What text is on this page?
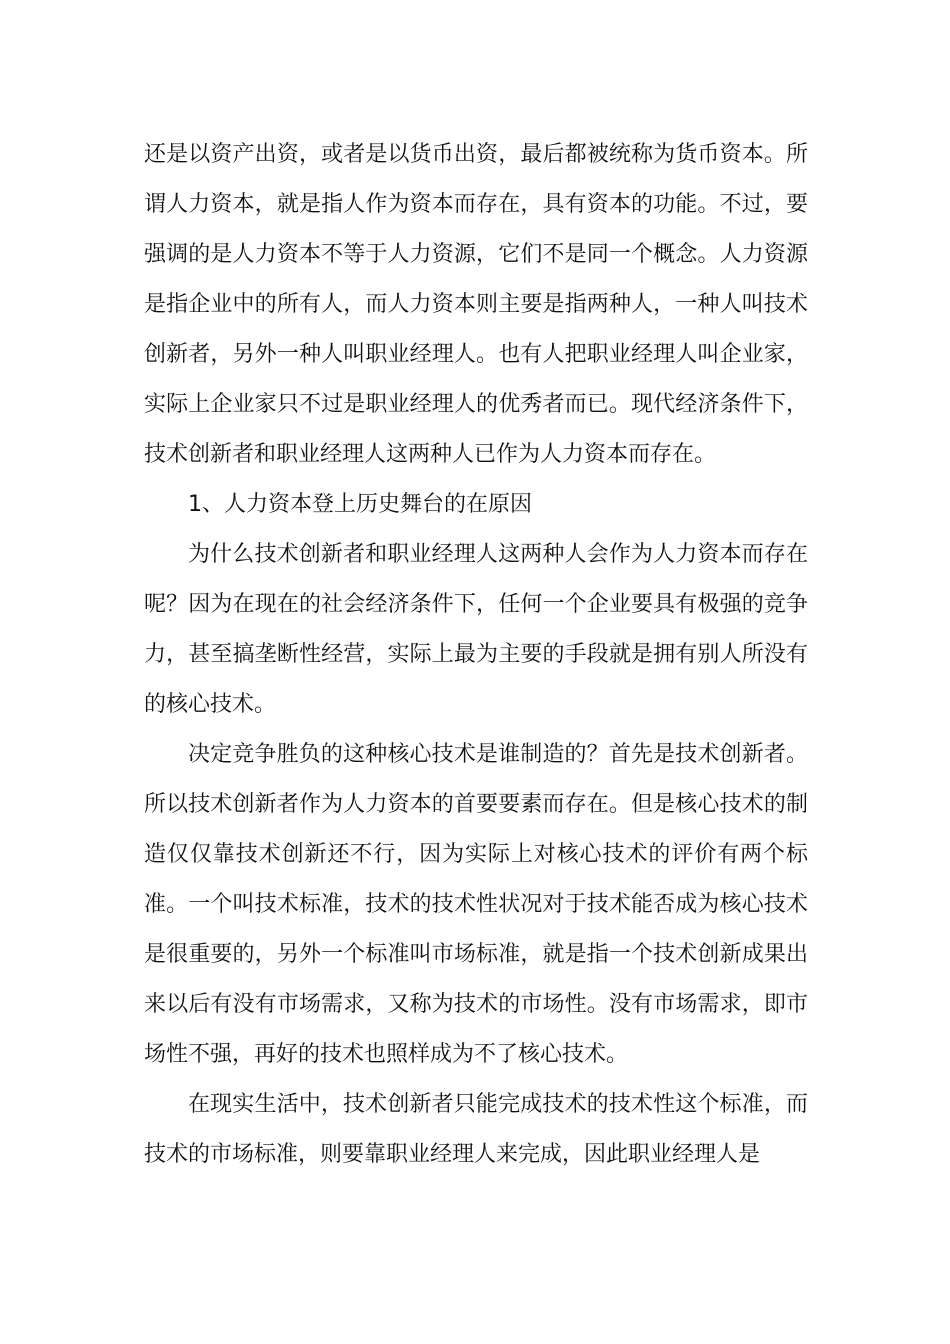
还是以资产出资，或者是以货币出资，最后都被统称为货币资本。所谓人力资本，就是指人作为资本而存在，具有资本的功能。不过，要强调的是人力资本不等于人力资源，它们不是同一个概念。人力资源是指企业中的所有人，而人力资本则主要是指两种人，一种人叫技术创新者，另外一种人叫职业经理人。也有人把职业经理人叫企业家，实际上企业家只不过是职业经理人的优秀者而已。现代经济条件下，技术创新者和职业经理人这两种人已作为人力资本而存在。

1、人力资本登上历史舞台的在原因

为什么技术创新者和职业经理人这两种人会作为人力资本而存在呢？因为在现在的社会经济条件下，任何一个企业要具有极强的竞争力，甚至搞垄断性经营，实际上最为主要的手段就是拥有别人所没有的核心技术。

决定竞争胜负的这种核心技术是谁制造的？首先是技术创新者。所以技术创新者作为人力资本的首要要素而存在。但是核心技术的制造仅仅靠技术创新还不行，因为实际上对核心技术的评价有两个标准。一个叫技术标准，技术的技术性状况对于技术能否成为核心技术是很重要的，另外一个标准叫市场标准，就是指一个技术创新成果出来以后有没有市场需求，又称为技术的市场性。没有市场需求，即市场性不强，再好的技术也照样成为不了核心技术。

在现实生活中，技术创新者只能完成技术的技术性这个标准，而技术的市场标准，则要靠职业经理人来完成，因此职业经理人是
